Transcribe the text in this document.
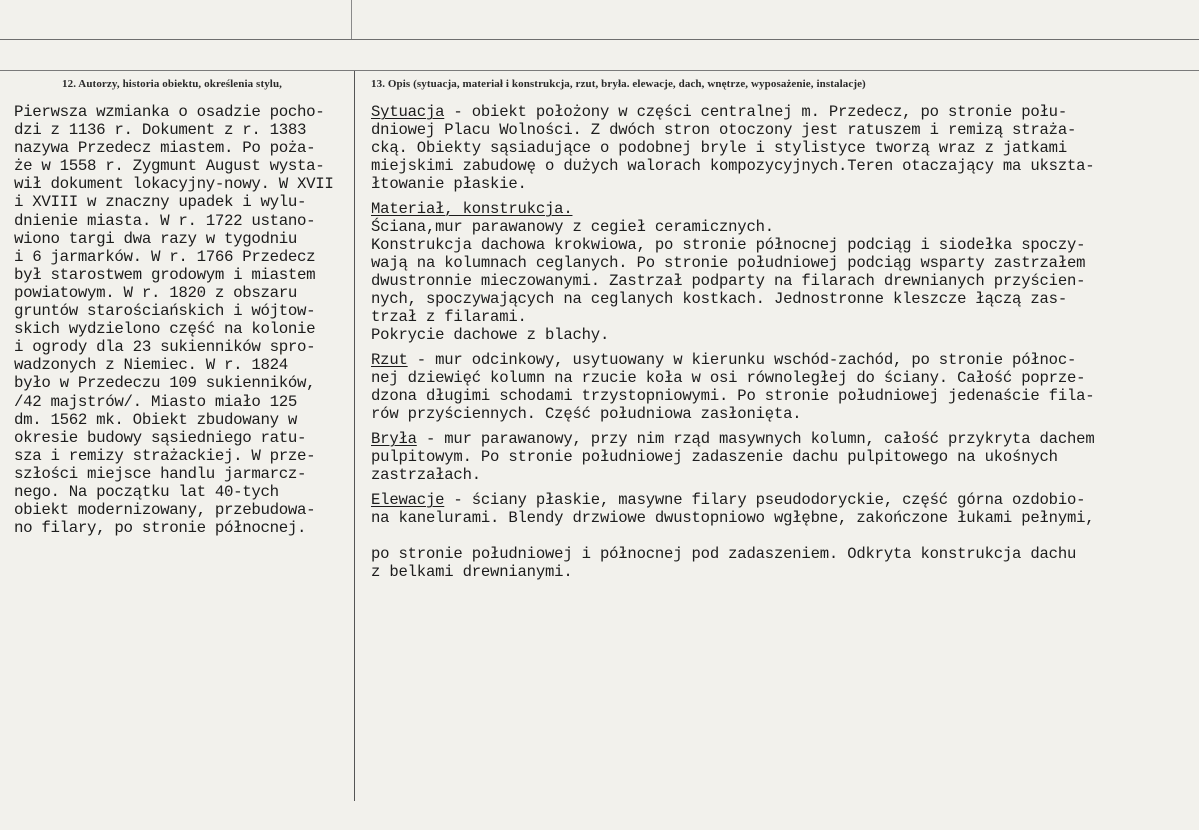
12. Autorzy, historia obiektu, określenia stylu,	13. Opis (sytuacja, materiał i konstrukcja, rzut, bryła. elewacje, dach, wnętrze, wyposażenie, instalacje)
Pierwsza wzmianka o osadzie pocho-
dzi z 1136 r. Dokument z r. 1383
nazywa Przedecz miastem. Po poża-
że w 1558 r. Zygmunt August wysta-
wił dokument lokacyjny-nowy. W XVII
i XVIII w znaczny upadek i wylu-
dnienie miasta. W r. 1722 ustano-
wiono targi dwa razy w tygodniu
i 6 jarmarków. W r. 1766 Przedecz
był starostwem grodowym i miastem
powiatowym. W r. 1820 z obszaru
gruntów starościańskich i wójtow-
skich wydzielono część na kolonie
i ogrody dla 23 sukienników spro-
wadzonych z Niemiec. W r. 1824
było w Przedeczu 109 sukienników,
/42 majstrów/. Miasto miało 125
dm. 1562 mk. Obiekt zbudowany w
okresie budowy sąsiedniego ratu-
sza i remizy strażackiej. W prze-
szłości miejsce handlu jarmarcz-
nego. Na początku lat 40-tych
obiekt modernizowany, przebudowa-
no filary, po stronie północnej.
Sytuacja - obiekt położony w części centralnej m. Przedecz, po stronie połu-
dniowej Placu Wolności. Z dwóch stron otoczony jest ratuszem i remizą straża-
cką. Obiekty sąsiadujące o podobnej bryle i stylistyce tworzą wraz z jatkami
miejskimi zabudowę o dużych walorach kompozycyjnych.Teren otaczający ma uksztа-
łtowanie płaskie.
Materiał, konstrukcja.
Ściana,mur parawanowy z cegieł ceramicznych.
Konstrukcja dachowa krokwiowa, po stronie północnej podciąg i siodełka spoczy-
wają na kolumnach ceglanych. Po stronie południowej podciąg wsparty zastrzałem
dwustronnie mieczowanymi. Zastrzał podparty na filarach drewnianych przyścien-
nych, spoczywających na ceglanych kostkach. Jednostronne kleszcze łączą zas-
trzał z filarami.
Pokrycie dachowe z blachy.
Rzut - mur odcinkowy, usytuowany w kierunku wschód-zachód, po stronie północ-
nej dziewięć kolumn na rzucie koła w osi równoległej do ściany. Całość poprze-
dzona długimi schodami trzystopniowymi. Po stronie południowej jedenaście fila-
rów przyściennych. Część południowa zasłonięta.
Bryła - mur parawanowy, przy nim rząd masywnych kolumn, całość przykryta dachem
pulpitowym. Po stronie południowej zadaszenie dachu pulpitowego na ukośnych
zastrzałach.
Elewacje - ściany płaskie, masywne filary pseudodoryckie, część górna ozdobio-
na kanelurami. Blendy drzwiowe dwustopniowo wgłębne, zakończone łukami pełnymi,

po stronie południowej i północnej pod zadaszeniem. Odkryta konstrukcja dachu
z belkami drewnianymi.
